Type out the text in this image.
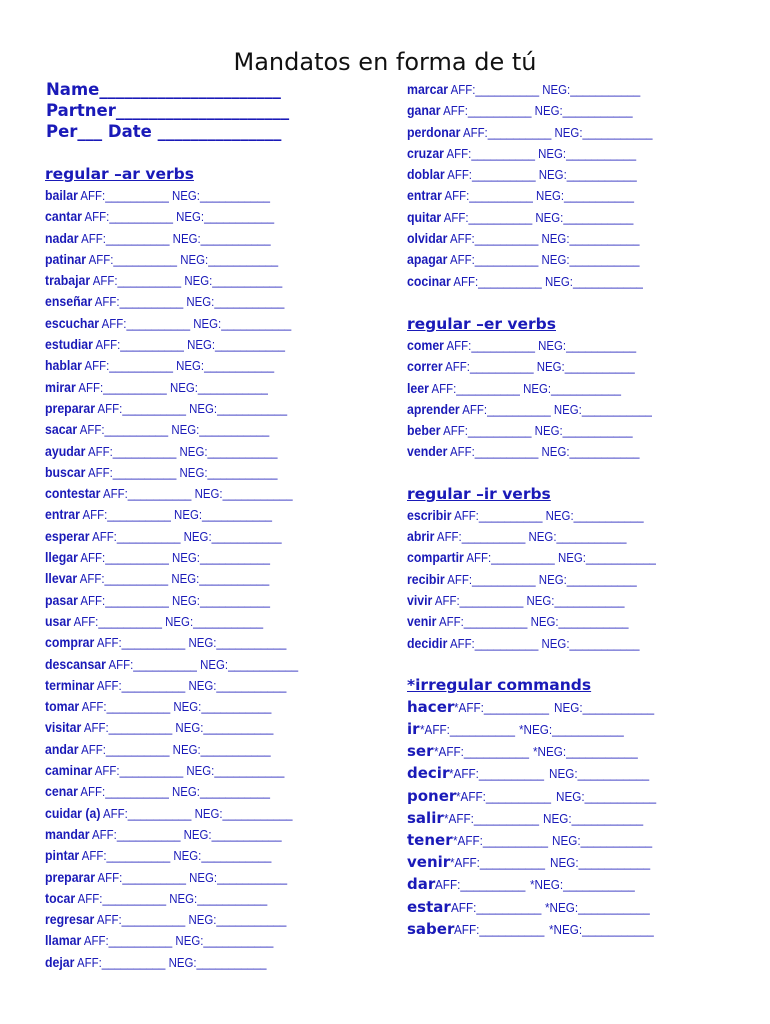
Mandatos en forma de tú
Name______________________
Partner_____________________
Per___ Date _______________
regular –ar verbs
bailar AFF:__________ NEG:___________
cantar AFF:__________ NEG:___________
nadar AFF:__________ NEG:___________
patinar AFF:__________ NEG:___________
trabajar AFF:__________ NEG:___________
enseñar AFF:__________ NEG:___________
escuchar AFF:__________ NEG:___________
estudiar AFF:__________ NEG:___________
hablar AFF:__________ NEG:___________
mirar AFF:__________ NEG:___________
preparar AFF:__________ NEG:___________
sacar AFF:__________ NEG:___________
ayudar AFF:__________ NEG:___________
buscar AFF:__________ NEG:___________
contestar AFF:__________ NEG:___________
entrar AFF:__________ NEG:___________
esperar AFF:__________ NEG:___________
llegar AFF:__________ NEG:___________
llevar AFF:__________ NEG:___________
pasar AFF:__________ NEG:___________
usar AFF:__________ NEG:___________
comprar AFF:__________ NEG:___________
descansar AFF:__________ NEG:___________
terminar AFF:__________ NEG:___________
tomar AFF:__________ NEG:___________
visitar AFF:__________ NEG:___________
andar AFF:__________ NEG:___________
caminar AFF:__________ NEG:___________
cenar AFF:__________ NEG:___________
cuidar (a) AFF:__________ NEG:___________
mandar AFF:__________ NEG:___________
pintar AFF:__________ NEG:___________
preparar AFF:__________ NEG:___________
tocar AFF:__________ NEG:___________
regresar AFF:__________ NEG:___________
llamar AFF:__________ NEG:___________
dejar AFF:__________ NEG:___________
marcar AFF:__________ NEG:___________
ganar AFF:__________ NEG:___________
perdonar AFF:__________ NEG:___________
cruzar AFF:__________ NEG:___________
doblar AFF:__________ NEG:___________
entrar AFF:__________ NEG:___________
quitar AFF:__________ NEG:___________
olvidar AFF:__________ NEG:___________
apagar AFF:__________ NEG:___________
cocinar AFF:__________ NEG:___________
regular –er verbs
comer AFF:__________ NEG:___________
correr AFF:__________ NEG:___________
leer AFF:__________ NEG:___________
aprender AFF:__________ NEG:___________
beber AFF:__________ NEG:___________
vender AFF:__________ NEG:___________
regular –ir verbs
escribir AFF:__________ NEG:___________
abrir AFF:__________ NEG:___________
compartir AFF:__________ NEG:___________
recibir AFF:__________ NEG:___________
vivir AFF:__________ NEG:___________
venir AFF:__________ NEG:___________
decidir AFF:__________ NEG:___________
*irregular commands
hacer*AFF:__________NEG:___________
ir*AFF:__________*NEG:___________
ser*AFF:__________*NEG:___________
decir*AFF:__________NEG:___________
poner*AFF:__________NEG:___________
salir*AFF:__________NEG:___________
tener*AFF:__________NEG:___________
venir*AFF:__________NEG:___________
darAFF:__________*NEG:___________
estarAFF:__________*NEG:___________
saberAFF:__________*NEG:___________
